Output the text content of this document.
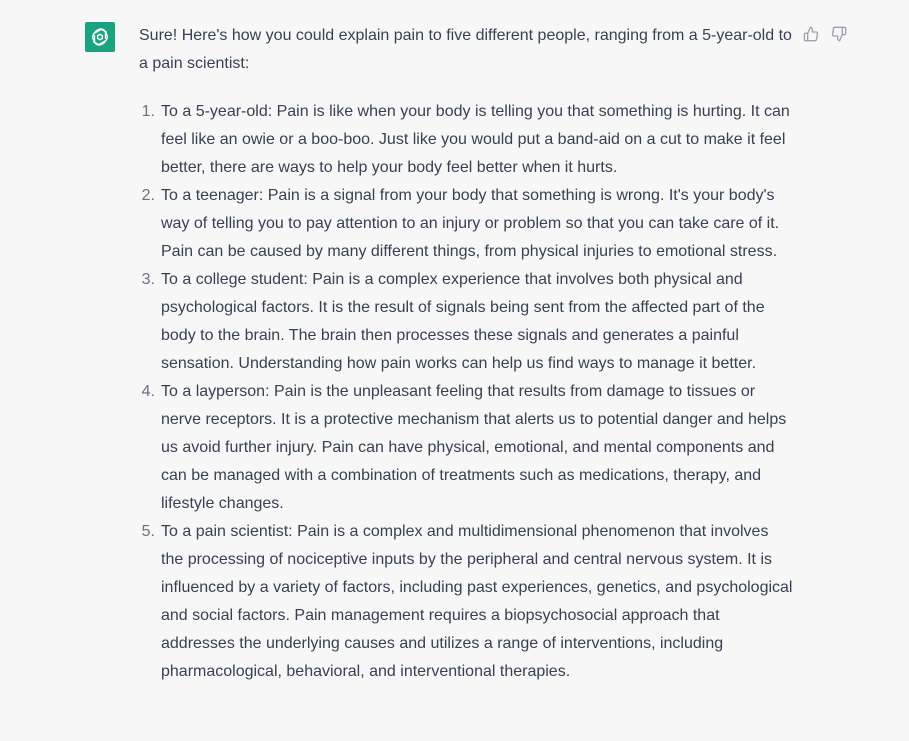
Sure! Here's how you could explain pain to five different people, ranging from a 5-year-old to a pain scientist:

1. To a 5-year-old: Pain is like when your body is telling you that something is hurting. It can feel like an owie or a boo-boo. Just like you would put a band-aid on a cut to make it feel better, there are ways to help your body feel better when it hurts.
2. To a teenager: Pain is a signal from your body that something is wrong. It's your body's way of telling you to pay attention to an injury or problem so that you can take care of it. Pain can be caused by many different things, from physical injuries to emotional stress.
3. To a college student: Pain is a complex experience that involves both physical and psychological factors. It is the result of signals being sent from the affected part of the body to the brain. The brain then processes these signals and generates a painful sensation. Understanding how pain works can help us find ways to manage it better.
4. To a layperson: Pain is the unpleasant feeling that results from damage to tissues or nerve receptors. It is a protective mechanism that alerts us to potential danger and helps us avoid further injury. Pain can have physical, emotional, and mental components and can be managed with a combination of treatments such as medications, therapy, and lifestyle changes.
5. To a pain scientist: Pain is a complex and multidimensional phenomenon that involves the processing of nociceptive inputs by the peripheral and central nervous system. It is influenced by a variety of factors, including past experiences, genetics, and psychological and social factors. Pain management requires a biopsychosocial approach that addresses the underlying causes and utilizes a range of interventions, including pharmacological, behavioral, and interventional therapies.
